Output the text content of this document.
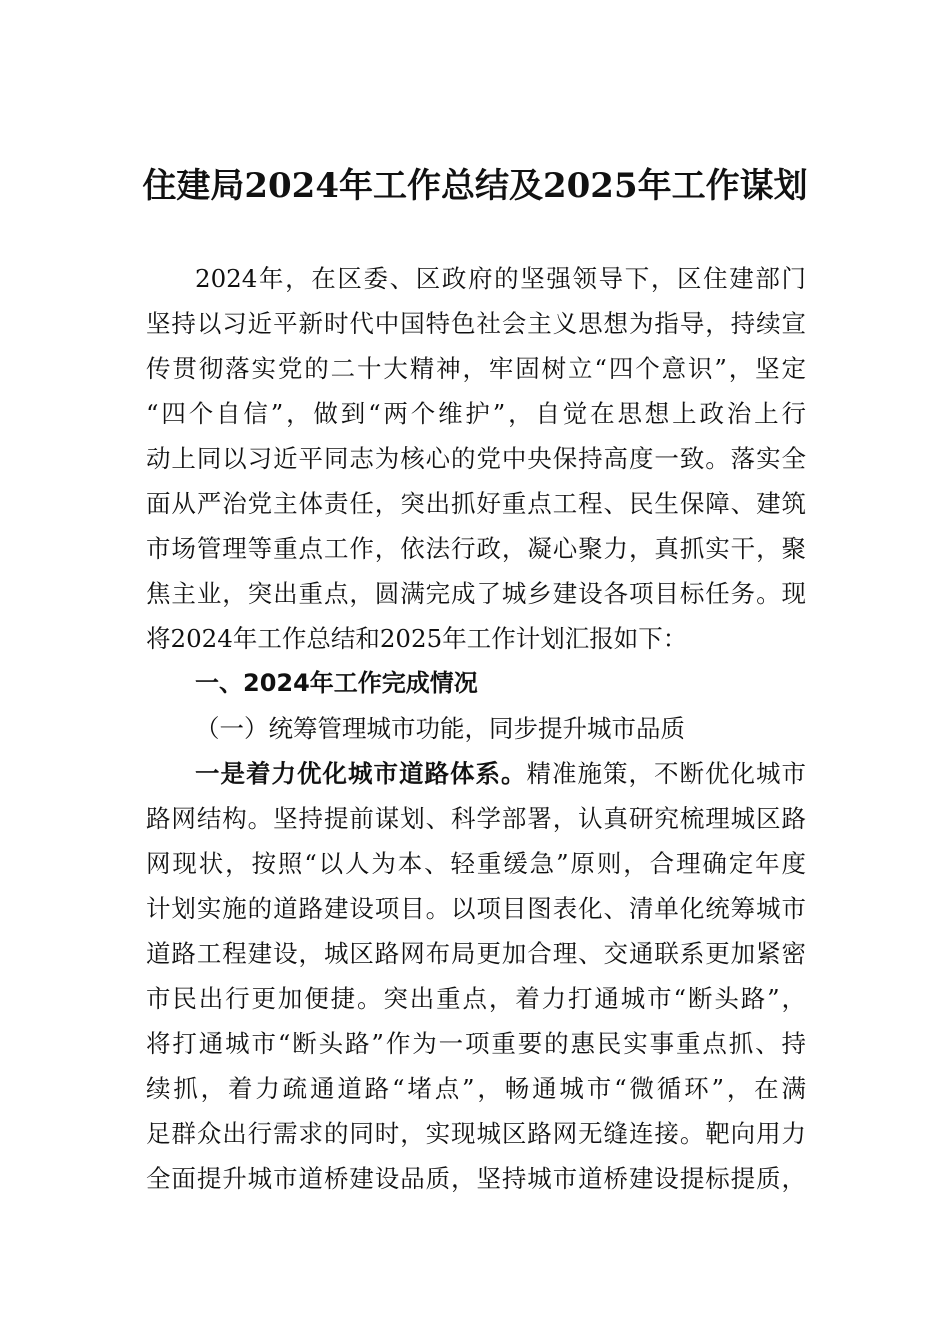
住建局2024年工作总结及2025年工作谋划
2024年，在区委、区政府的坚强领导下，区住建部门
坚持以习近平新时代中国特色社会主义思想为指导，持续宣
传贯彻落实党的二十大精神，牢固树立“四个意识”，坚定
“四个自信”，做到“两个维护”，自觉在思想上政治上行
动上同以习近平同志为核心的党中央保持高度一致。落实全
面从严治党主体责任，突出抓好重点工程、民生保障、建筑
市场管理等重点工作，依法行政，凝心聚力，真抓实干，聚
焦主业，突出重点，圆满完成了城乡建设各项目标任务。现
将2024年工作总结和2025年工作计划汇报如下：
一、2024年工作完成情况
（一）统筹管理城市功能，同步提升城市品质
一是着力优化城市道路体系。精准施策，不断优化城市
路网结构。坚持提前谋划、科学部署，认真研究梳理城区路
网现状，按照“以人为本、轻重缓急”原则，合理确定年度
计划实施的道路建设项目。以项目图表化、清单化统筹城市
道路工程建设，城区路网布局更加合理、交通联系更加紧密
市民出行更加便捷。突出重点，着力打通城市“断头路”，
将打通城市“断头路”作为一项重要的惠民实事重点抓、持
续抓，着力疏通道路“堵点”，畅通城市“微循环”，在满
足群众出行需求的同时，实现城区路网无缝连接。靶向用力
全面提升城市道桥建设品质，坚持城市道桥建设提标提质，
